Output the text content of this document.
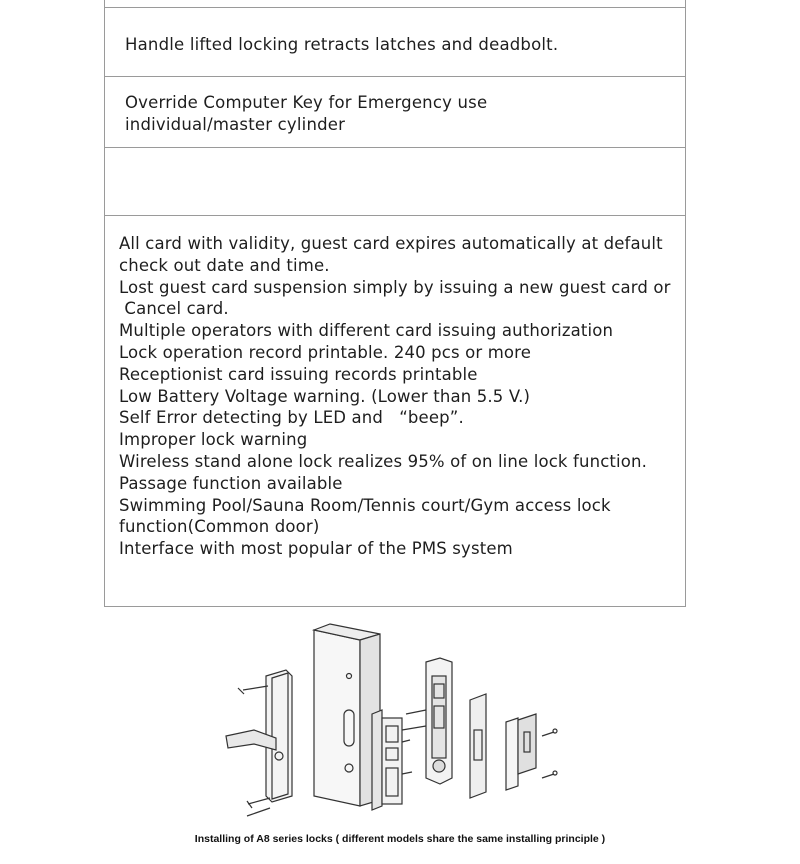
Handle lifted locking retracts latches and deadbolt.
Override Computer Key for Emergency use
individual/master cylinder
All card with validity, guest card expires automatically at default
check out date and time.
Lost guest card suspension simply by issuing a new guest card or
Cancel card.
Multiple operators with different card issuing authorization
Lock operation record printable. 240 pcs or more
Receptionist card issuing records printable
Low Battery Voltage warning. (Lower than 5.5 V.)
Self Error detecting by LED and   “beep”.
Improper lock warning
Wireless stand alone lock realizes 95% of on line lock function.
Passage function available
Swimming Pool/Sauna Room/Tennis court/Gym access lock
function(Common door)
Interface with most popular of the PMS system
Installing of A8 series locks ( different models share the same installing principle )
